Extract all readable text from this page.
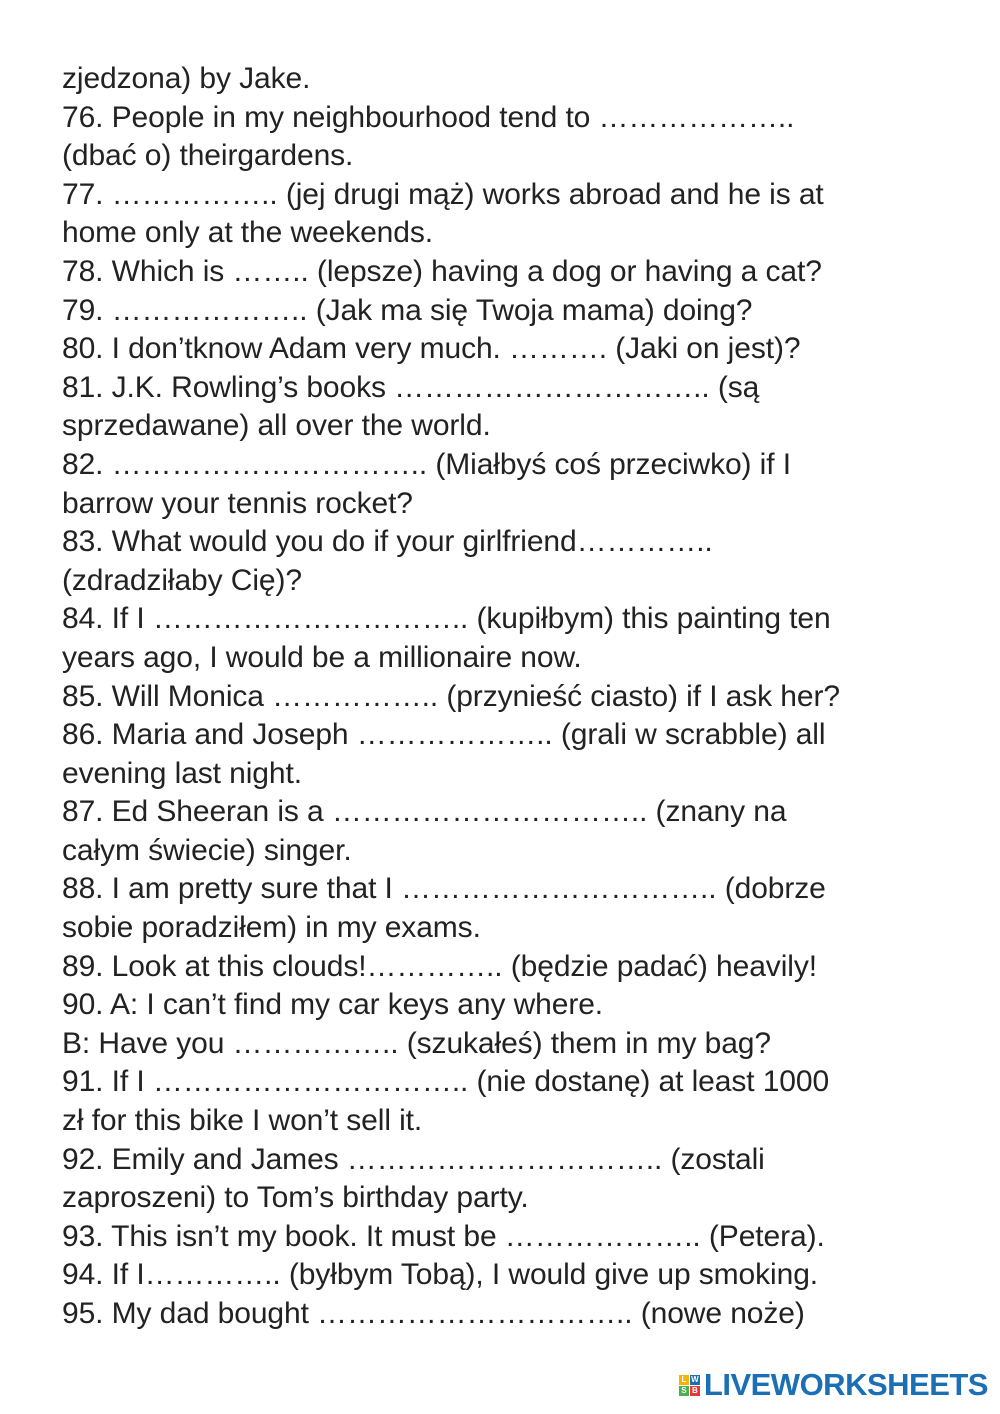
zjedzona) by Jake.
76. People in my neighbourhood tend to ………………..
(dbać o) theirgardens.
77. …………….. (jej drugi mąż) works abroad and he is at
home only at the weekends.
78. Which is …….. (lepsze) having a dog or having a cat?
79. ……………….. (Jak ma się Twoja mama) doing?
80. I don’tknow Adam very much. ………. (Jaki on jest)?
81. J.K. Rowling’s books ………………………….. (są
sprzedawane) all over the world.
82. ………………………….. (Miałbyś coś przeciwko) if I
barrow your tennis rocket?
83. What would you do if your girlfriend…………..
(zdradziłaby Cię)?
84. If I ………………………….. (kupiłbym) this painting ten
years ago, I would be a millionaire now.
85. Will Monica …………….. (przynieść ciasto) if I ask her?
86. Maria and Joseph ……………….. (grali w scrabble) all
evening last night.
87. Ed Sheeran is a ………………………….. (znany na
całym świecie) singer.
88. I am pretty sure that I ………………………….. (dobrze
sobie poradziłem) in my exams.
89. Look at this clouds!………….. (będzie padać) heavily!
90. A: I can’t find my car keys any where.
B: Have you …………….. (szukałeś) them in my bag?
91. If I ………………………….. (nie dostanę) at least 1000
zł for this bike I won’t sell it.
92. Emily and James ………………………….. (zostali
zaproszeni) to Tom’s birthday party.
93. This isn’t my book. It must be ……………….. (Petera).
94. If I………….. (byłbym Tobą), I would give up smoking.
95. My dad bought ………………………….. (nowe noże)
L W
S B LIVEWORKSHEETS
